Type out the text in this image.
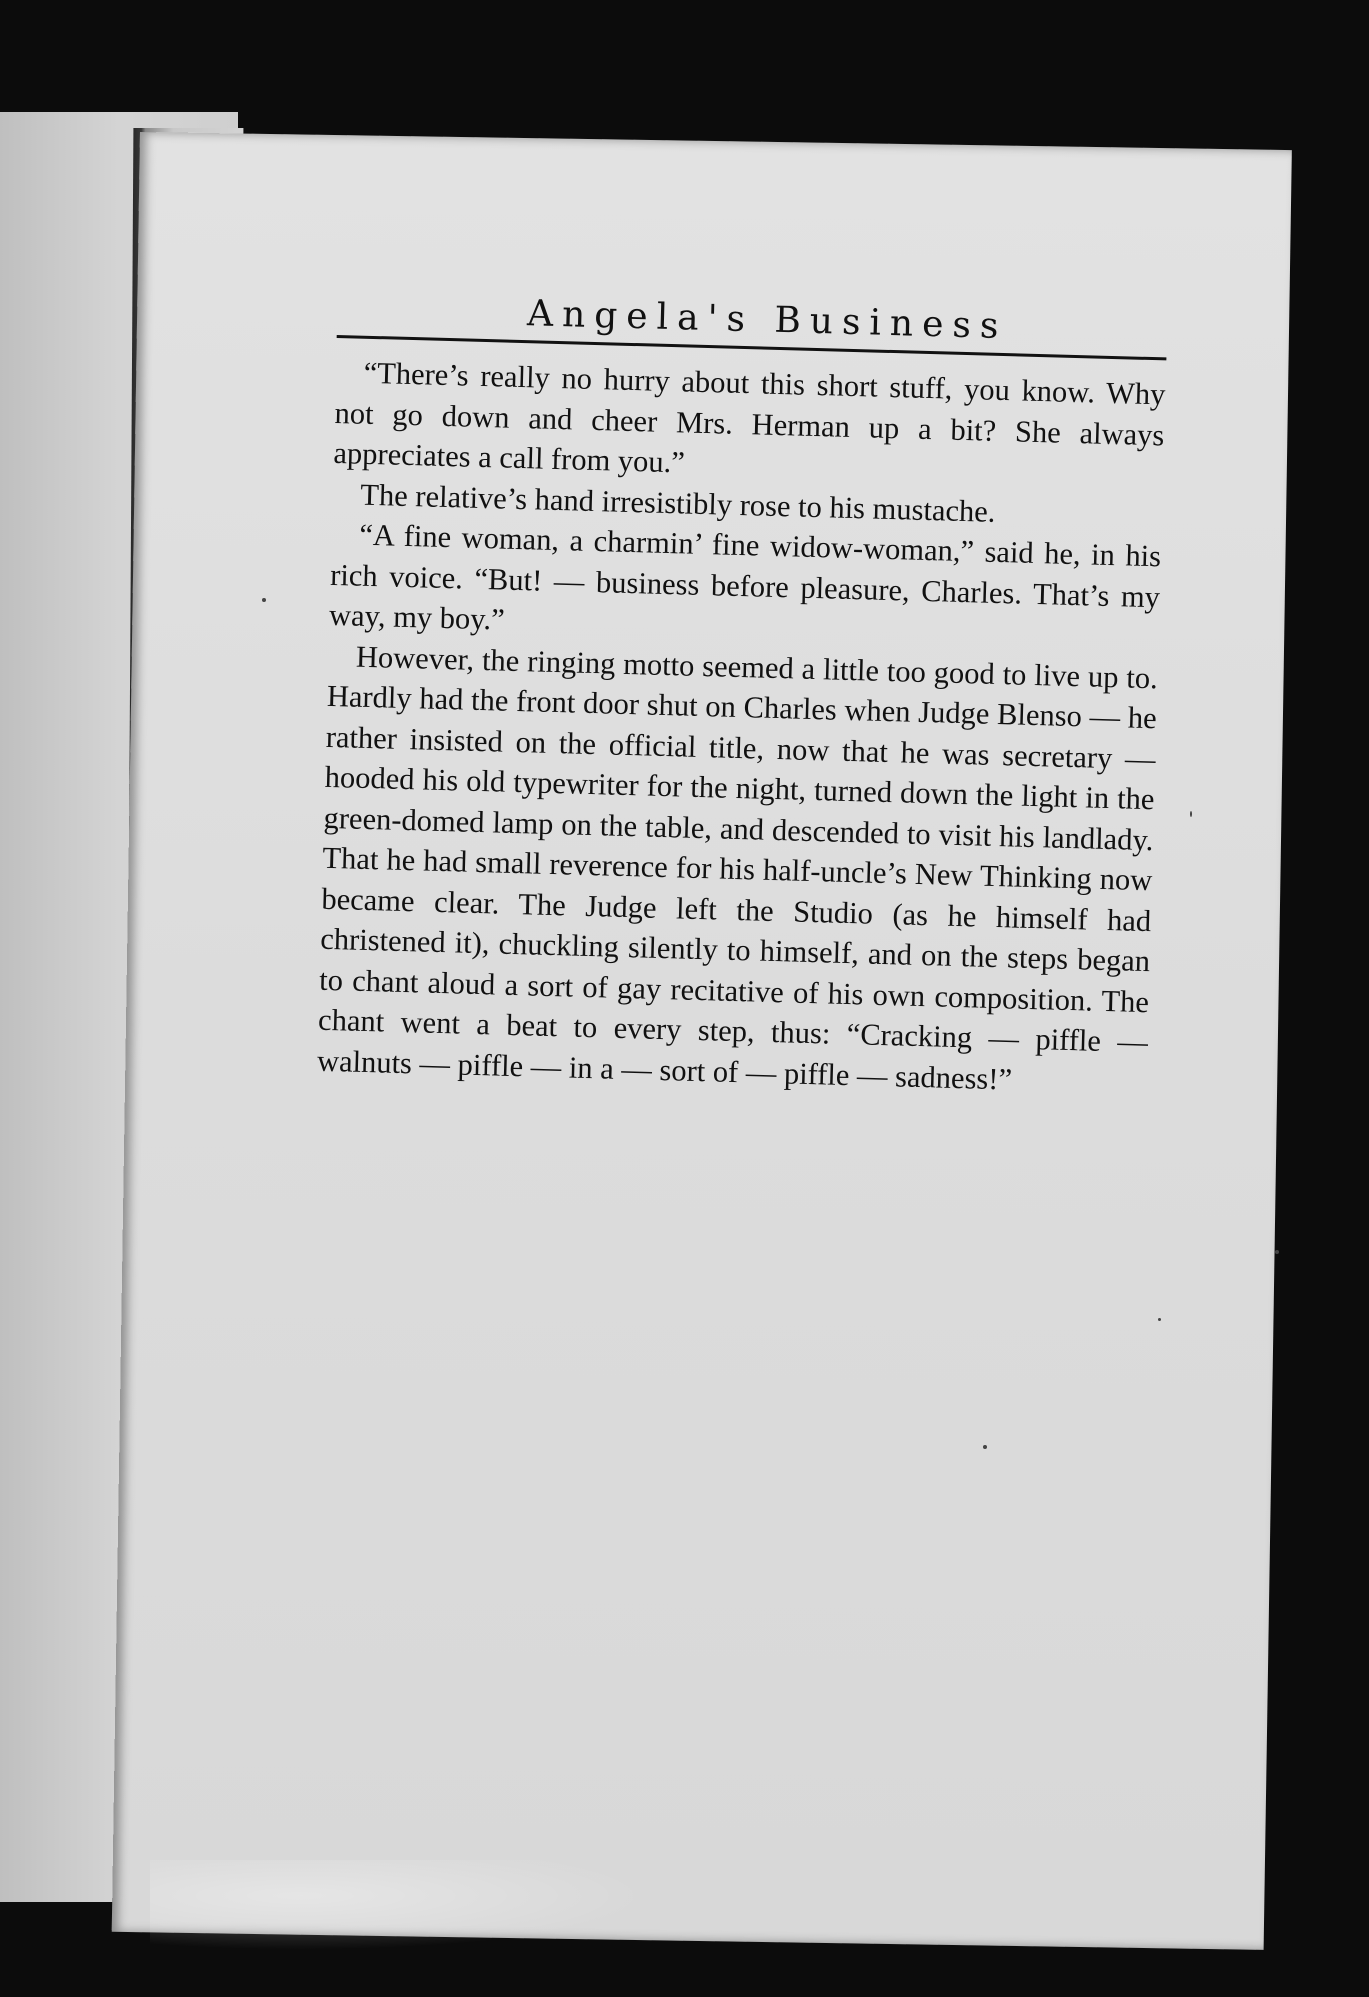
Angela's Business

“There’s really no hurry about this short stuff, you know. Why not go down and cheer Mrs. Herman up a bit? She always appreciates a call from you.”

The relative’s hand irresistibly rose to his mustache.

“A fine woman, a charmin’ fine widow-woman,” said he, in his rich voice. “But! — business before pleasure, Charles. That’s my way, my boy.”

However, the ringing motto seemed a little too good to live up to. Hardly had the front door shut on Charles when Judge Blenso — he rather insisted on the official title, now that he was secretary — hooded his old typewriter for the night, turned down the light in the green-domed lamp on the table, and descended to visit his landlady. That he had small reverence for his half-uncle’s New Thinking now became clear. The Judge left the Studio (as he himself had christened it), chuckling silently to himself, and on the steps began to chant aloud a sort of gay recitative of his own composition. The chant went a beat to every step, thus: “Cracking — piffle — walnuts — piffle — in a — sort of — piffle — sadness!”
